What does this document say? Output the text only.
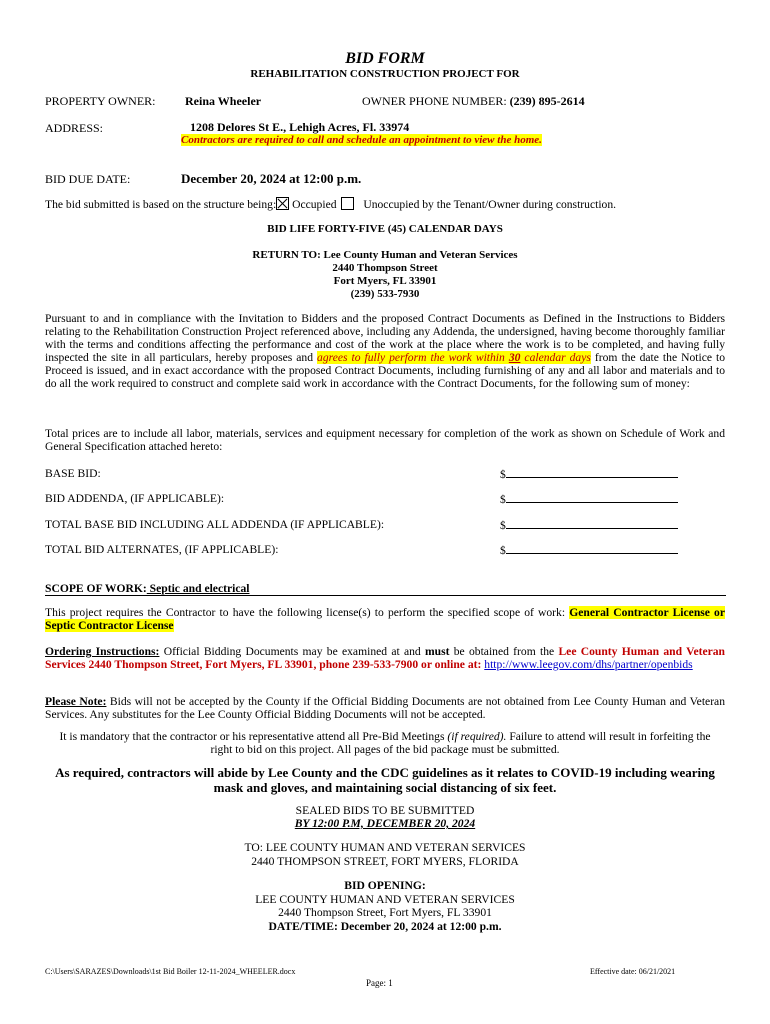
BID FORM
REHABILITATION CONSTRUCTION PROJECT FOR
PROPERTY OWNER: Reina Wheeler	OWNER PHONE NUMBER: (239) 895-2614
ADDRESS:	1208 Delores St E., Lehigh Acres, Fl. 33974
Contractors are required to call and schedule an appointment to view the home.
BID DUE DATE:	December 20, 2024 at 12:00 p.m.
The bid submitted is based on the structure being: Occupied Unoccupied by the Tenant/Owner during construction.
BID LIFE FORTY-FIVE (45) CALENDAR DAYS
RETURN TO: Lee County Human and Veteran Services
2440 Thompson Street
Fort Myers, FL 33901
(239) 533-7930
Pursuant to and in compliance with the Invitation to Bidders and the proposed Contract Documents as Defined in the Instructions to Bidders relating to the Rehabilitation Construction Project referenced above, including any Addenda, the undersigned, having become thoroughly familiar with the terms and conditions affecting the performance and cost of the work at the place where the work is to be completed, and having fully inspected the site in all particulars, hereby proposes and agrees to fully perform the work within 30 calendar days from the date the Notice to Proceed is issued, and in exact accordance with the proposed Contract Documents, including furnishing of any and all labor and materials and to do all the work required to construct and complete said work in accordance with the Contract Documents, for the following sum of money:
Total prices are to include all labor, materials, services and equipment necessary for completion of the work as shown on Schedule of Work and General Specification attached hereto:
BASE BID:	$
BID ADDENDA, (IF APPLICABLE):	$
TOTAL BASE BID INCLUDING ALL ADDENDA (IF APPLICABLE):	$
TOTAL BID ALTERNATES, (IF APPLICABLE):	$
SCOPE OF WORK: Septic and electrical
This project requires the Contractor to have the following license(s) to perform the specified scope of work: General Contractor License or Septic Contractor License
Ordering Instructions: Official Bidding Documents may be examined at and must be obtained from the Lee County Human and Veteran Services 2440 Thompson Street, Fort Myers, FL 33901, phone 239-533-7900 or online at: http://www.leegov.com/dhs/partner/openbids
Please Note: Bids will not be accepted by the County if the Official Bidding Documents are not obtained from Lee County Human and Veteran Services. Any substitutes for the Lee County Official Bidding Documents will not be accepted.
It is mandatory that the contractor or his representative attend all Pre-Bid Meetings (if required). Failure to attend will result in forfeiting the right to bid on this project. All pages of the bid package must be submitted.
As required, contractors will abide by Lee County and the CDC guidelines as it relates to COVID-19 including wearing mask and gloves, and maintaining social distancing of six feet.
SEALED BIDS TO BE SUBMITTED
BY 12:00 P.M, DECEMBER 20, 2024
TO: LEE COUNTY HUMAN AND VETERAN SERVICES
2440 THOMPSON STREET, FORT MYERS, FLORIDA
BID OPENING:
LEE COUNTY HUMAN AND VETERAN SERVICES
2440 Thompson Street, Fort Myers, FL 33901
DATE/TIME: December 20, 2024 at 12:00 p.m.
C:\Users\SARAZES\Downloads\1st Bid Boiler 12-11-2024_WHEELER.docx	Effective date: 06/21/2021
Page: 1
